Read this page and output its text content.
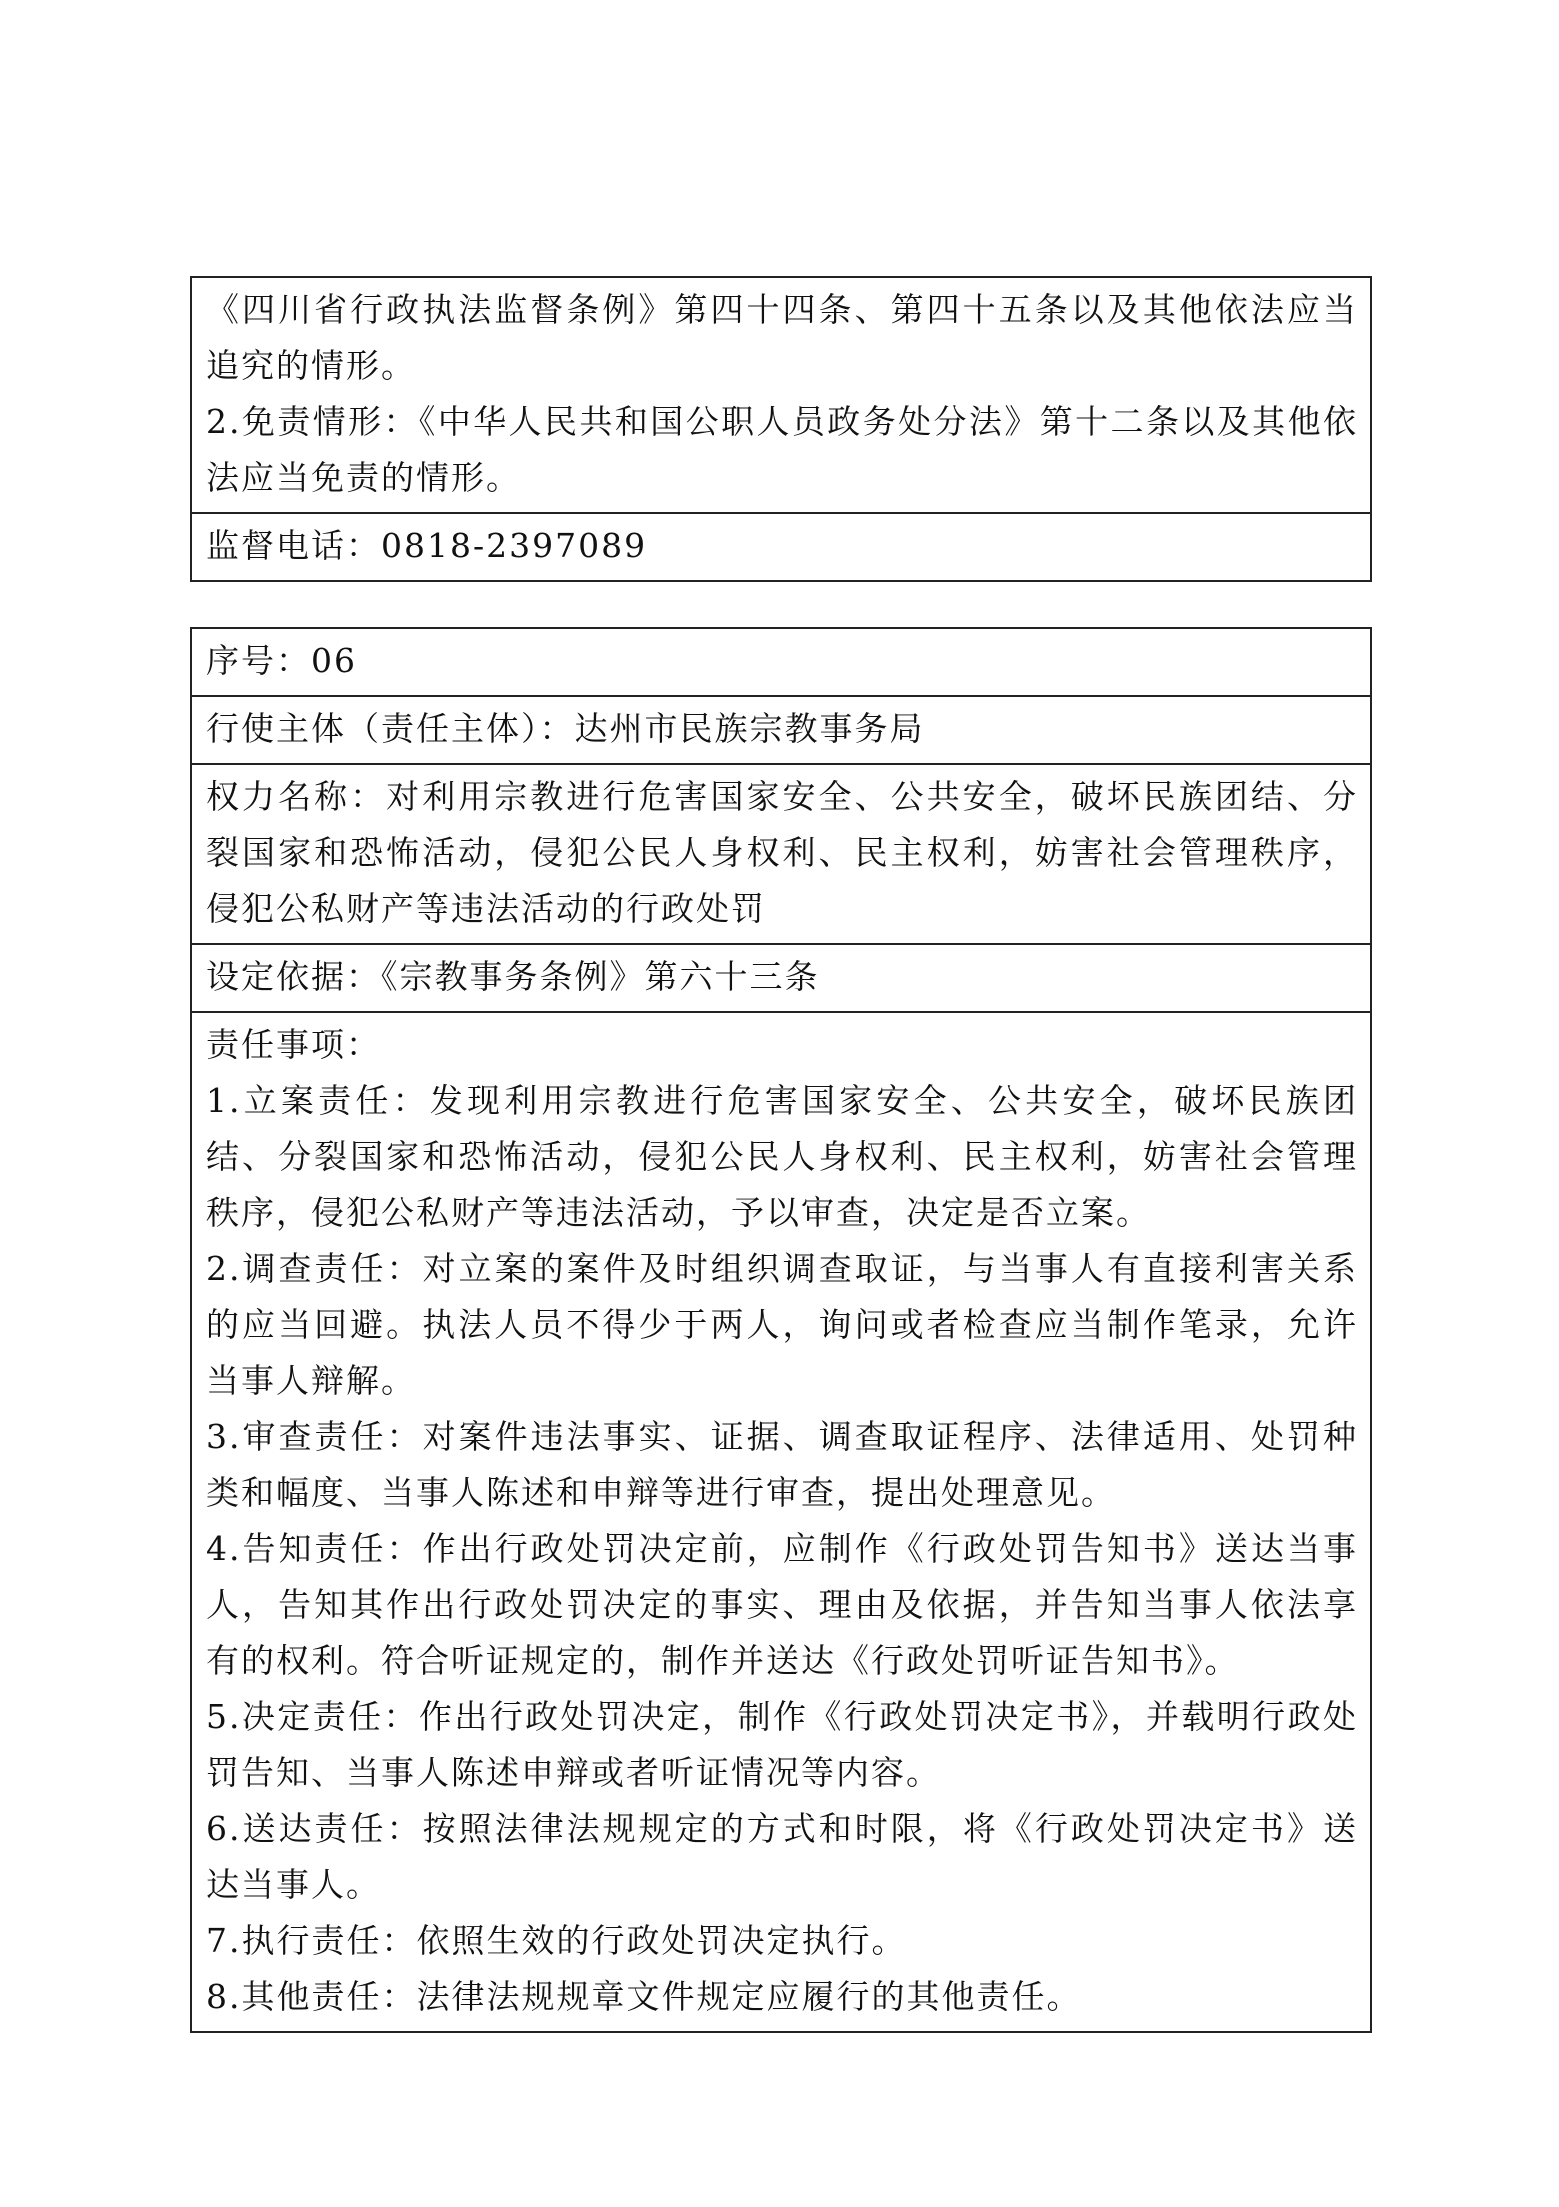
《四川省行政执法监督条例》第四十四条、第四十五条以及其他依法应当追究的情形。
2.免责情形：《中华人民共和国公职人员政务处分法》第十二条以及其他依法应当免责的情形。
监督电话：0818-2397089
序号：06
行使主体（责任主体）：达州市民族宗教事务局
权力名称：对利用宗教进行危害国家安全、公共安全，破坏民族团结、分裂国家和恐怖活动，侵犯公民人身权利、民主权利，妨害社会管理秩序，侵犯公私财产等违法活动的行政处罚
设定依据：《宗教事务条例》第六十三条
责任事项：
1.立案责任：发现利用宗教进行危害国家安全、公共安全，破坏民族团结、分裂国家和恐怖活动，侵犯公民人身权利、民主权利，妨害社会管理秩序，侵犯公私财产等违法活动，予以审查，决定是否立案。
2.调查责任：对立案的案件及时组织调查取证，与当事人有直接利害关系的应当回避。执法人员不得少于两人，询问或者检查应当制作笔录，允许当事人辩解。
3.审查责任：对案件违法事实、证据、调查取证程序、法律适用、处罚种类和幅度、当事人陈述和申辩等进行审查，提出处理意见。
4.告知责任：作出行政处罚决定前，应制作《行政处罚告知书》送达当事人，告知其作出行政处罚决定的事实、理由及依据，并告知当事人依法享有的权利。符合听证规定的，制作并送达《行政处罚听证告知书》。
5.决定责任：作出行政处罚决定，制作《行政处罚决定书》，并载明行政处罚告知、当事人陈述申辩或者听证情况等内容。
6.送达责任：按照法律法规规定的方式和时限，将《行政处罚决定书》送达当事人。
7.执行责任：依照生效的行政处罚决定执行。
8.其他责任：法律法规规章文件规定应履行的其他责任。
